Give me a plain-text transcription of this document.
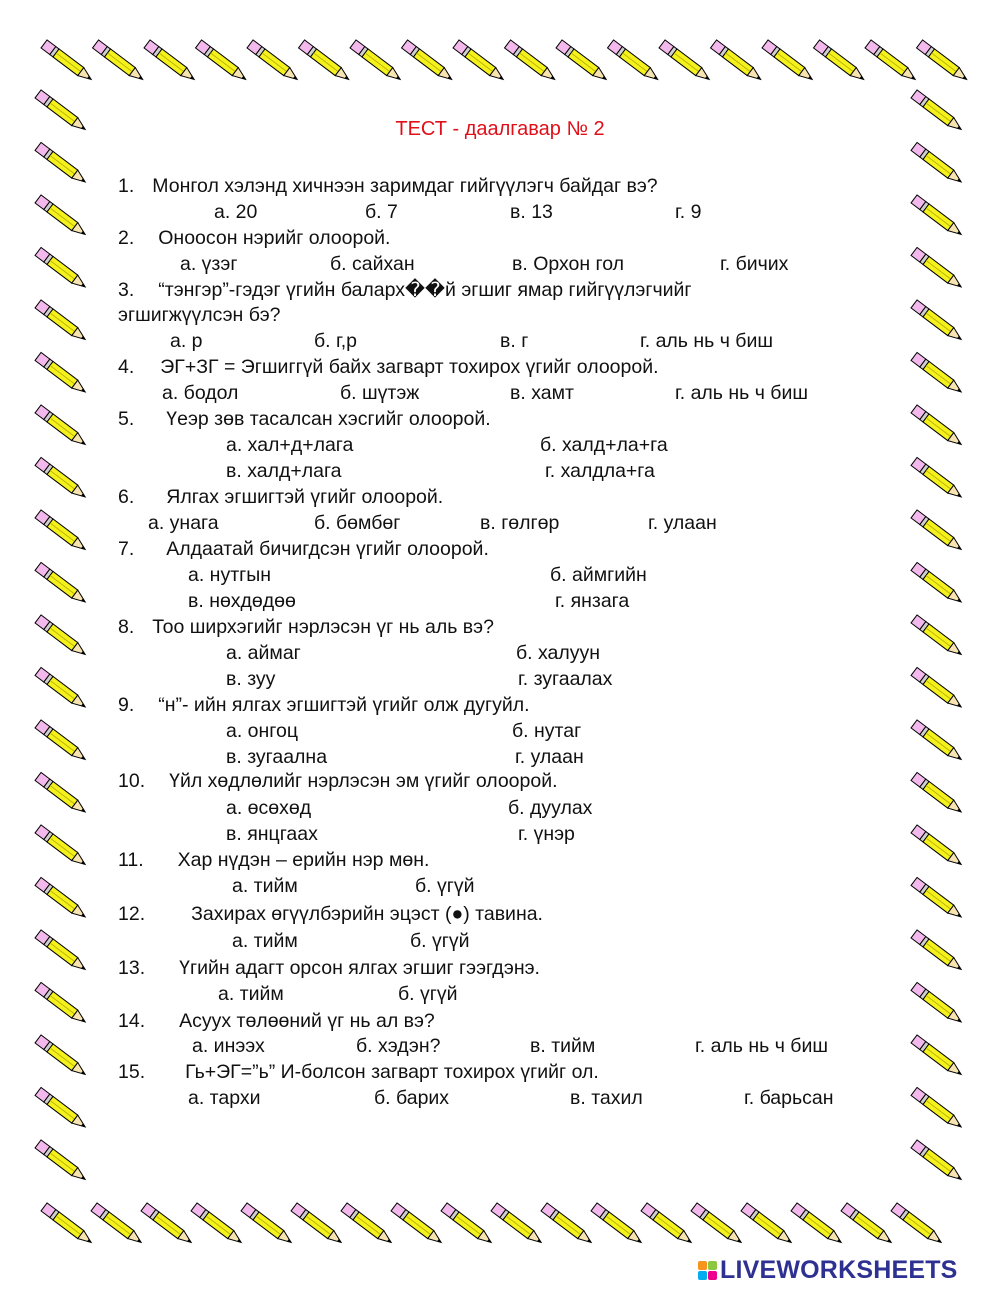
ТЕСТ - даалгавар № 2
1. Монгол хэлэнд хичнээн заримдаг гийгүүлэгч байдаг вэ?
а. 20	б. 7	в. 13	г. 9
2. Оноосон нэрийг олоорой.
а. үзэг	б. сайхан	в. Орхон гол	г. бичих
3. “тэнгэр”-гэдэг үгийн баларх��й эгшиг ямар гийгүүлэгчийг
эгшигжүүлсэн бэ?
а. р	б. г,р	в. г	г. аль нь ч биш
4. ЭГ+ЗГ = Эгшиггүй байх загварт тохирох үгийг олоорой.
а. бодол	б. шүтэж	в. хамт	г. аль нь ч биш
5. Үеэр зөв тасалсан хэсгийг олоорой.
а. хал+д+лага	б. халд+ла+га
в. халд+лага	г. халдла+га
6. Ялгах эгшигтэй үгийг олоорой.
а. унага	б. бөмбөг	в. гөлгөр	г. улаан
7. Алдаатай бичигдсэн үгийг олоорой.
а. нутгын	б. аймгийн
в. нөхдөдөө	г. янзага
8. Тоо ширхэгийг нэрлэсэн үг нь аль вэ?
а. аймаг	б. халуун
в. зуу	г. зугаалах
9. “н”- ийн ялгах эгшигтэй үгийг олж дугуйл.
а. онгоц	б. нутаг
в. зугаална	г. улаан
10. Үйл хөдлөлийг нэрлэсэн эм үгийг олоорой.
а. өсөхөд	б. дуулах
в. янцгаах	г. үнэр
11. Хар нүдэн – ерийн нэр мөн.
а. тийм	б. үгүй
12. Захирах өгүүлбэрийн эцэст (●) тавина.
а. тийм	б. үгүй
13. Үгийн адагт орсон ялгах эгшиг гээгдэнэ.
а. тийм	б. үгүй
14. Асуух төлөөний үг нь ал вэ?
а. инээх	б. хэдэн?	в. тийм	г. аль нь ч биш
15. Гь+ЭГ=”ь” И-болсон загварт тохирох үгийг ол.
а. тархи	б. барих	в. тахил	г. барьсан
LIVEWORKSHEETS
